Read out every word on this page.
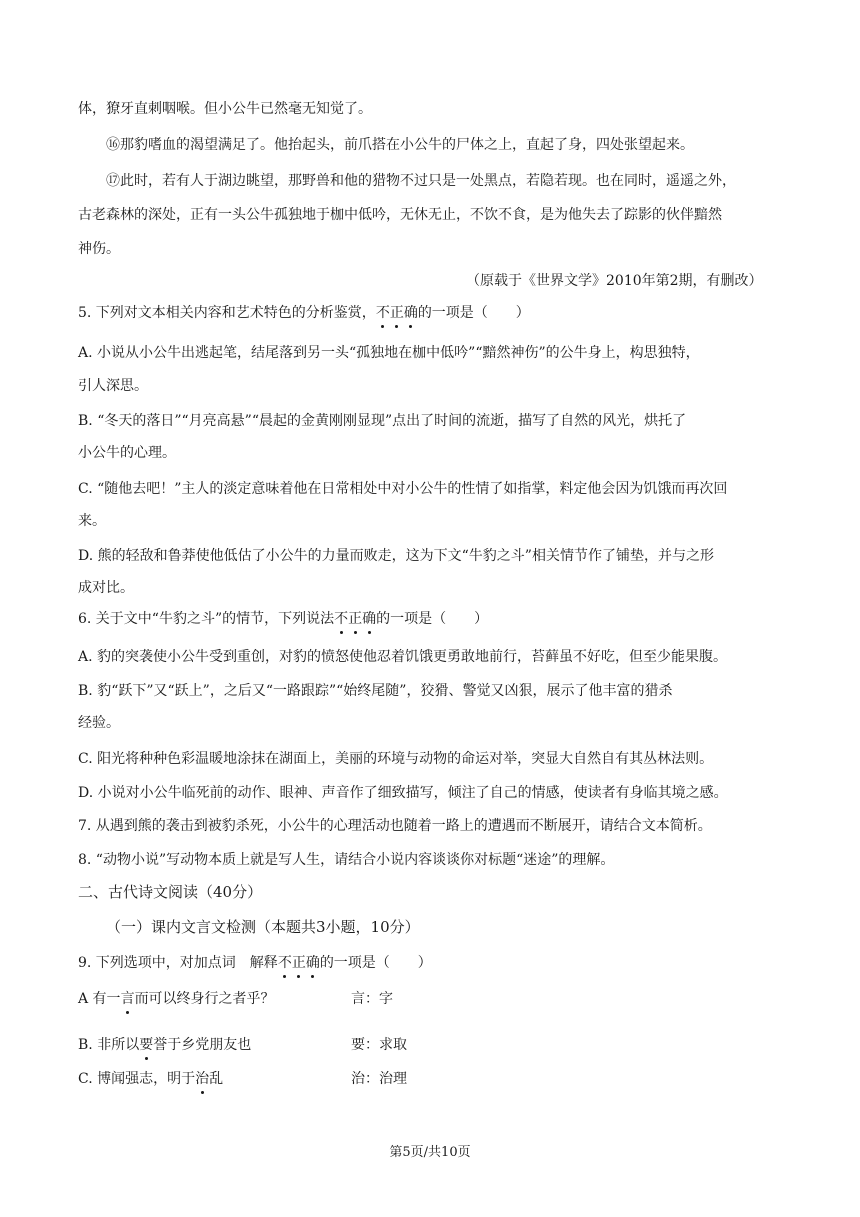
体，獠牙直刺咽喉。但小公牛已然毫无知觉了。
⑯那豹嗜血的渴望满足了。他抬起头，前爪搭在小公牛的尸体之上，直起了身，四处张望起来。
⑰此时，若有人于湖边眺望，那野兽和他的猎物不过只是一处黑点，若隐若现。也在同时，遥遥之外，
古老森林的深处，正有一头公牛孤独地于枷中低吟，无休无止，不饮不食，是为他失去了踪影的伙伴黯然
神伤。
（原载于《世界文学》2010年第2期，有删改）
5. 下列对文本相关内容和艺术特色的分析鉴赏，不正确的一项是（　　）
A. 小说从小公牛出逃起笔，结尾落到另一头“孤独地在枷中低吟”“黯然神伤”的公牛身上，构思独特，
引人深思。
B. “冬天的落日”“月亮高悬”“晨起的金黄刚刚显现”点出了时间的流逝，描写了自然的风光，烘托了
小公牛的心理。
C. “随他去吧！”主人的淡定意味着他在日常相处中对小公牛的性情了如指掌，料定他会因为饥饿而再次回
来。
D. 熊的轻敌和鲁莽使他低估了小公牛的力量而败走，这为下文“牛豹之斗”相关情节作了铺垫，并与之形
成对比。
6. 关于文中“牛豹之斗”的情节，下列说法不正确的一项是（　　）
A. 豹的突袭使小公牛受到重创，对豹的愤怒使他忍着饥饿更勇敢地前行，苔藓虽不好吃，但至少能果腹。
B. 豹“跃下”又“跃上”，之后又“一路跟踪”“始终尾随”，狡猾、警觉又凶狠，展示了他丰富的猎杀
经验。
C. 阳光将种种色彩温暖地涂抹在湖面上，美丽的环境与动物的命运对举，突显大自然自有其丛林法则。
D. 小说对小公牛临死前的动作、眼神、声音作了细致描写，倾注了自己的情感，使读者有身临其境之感。
7. 从遇到熊的袭击到被豹杀死，小公牛的心理活动也随着一路上的遭遇而不断展开，请结合文本简析。
8. “动物小说”写动物本质上就是写人生，请结合小说内容谈谈你对标题“迷途”的理解。
二、古代诗文阅读（40分）
（一）课内文言文检测（本题共3小题，10分）
9. 下列选项中，对加点词　解释不正确的一项是（　　）
A 有一言而可以终身行之者乎？	言：字
B. 非所以要誉于乡党朋友也	要：求取
C. 博闻强志，明于治乱	治：治理
第5页/共10页
